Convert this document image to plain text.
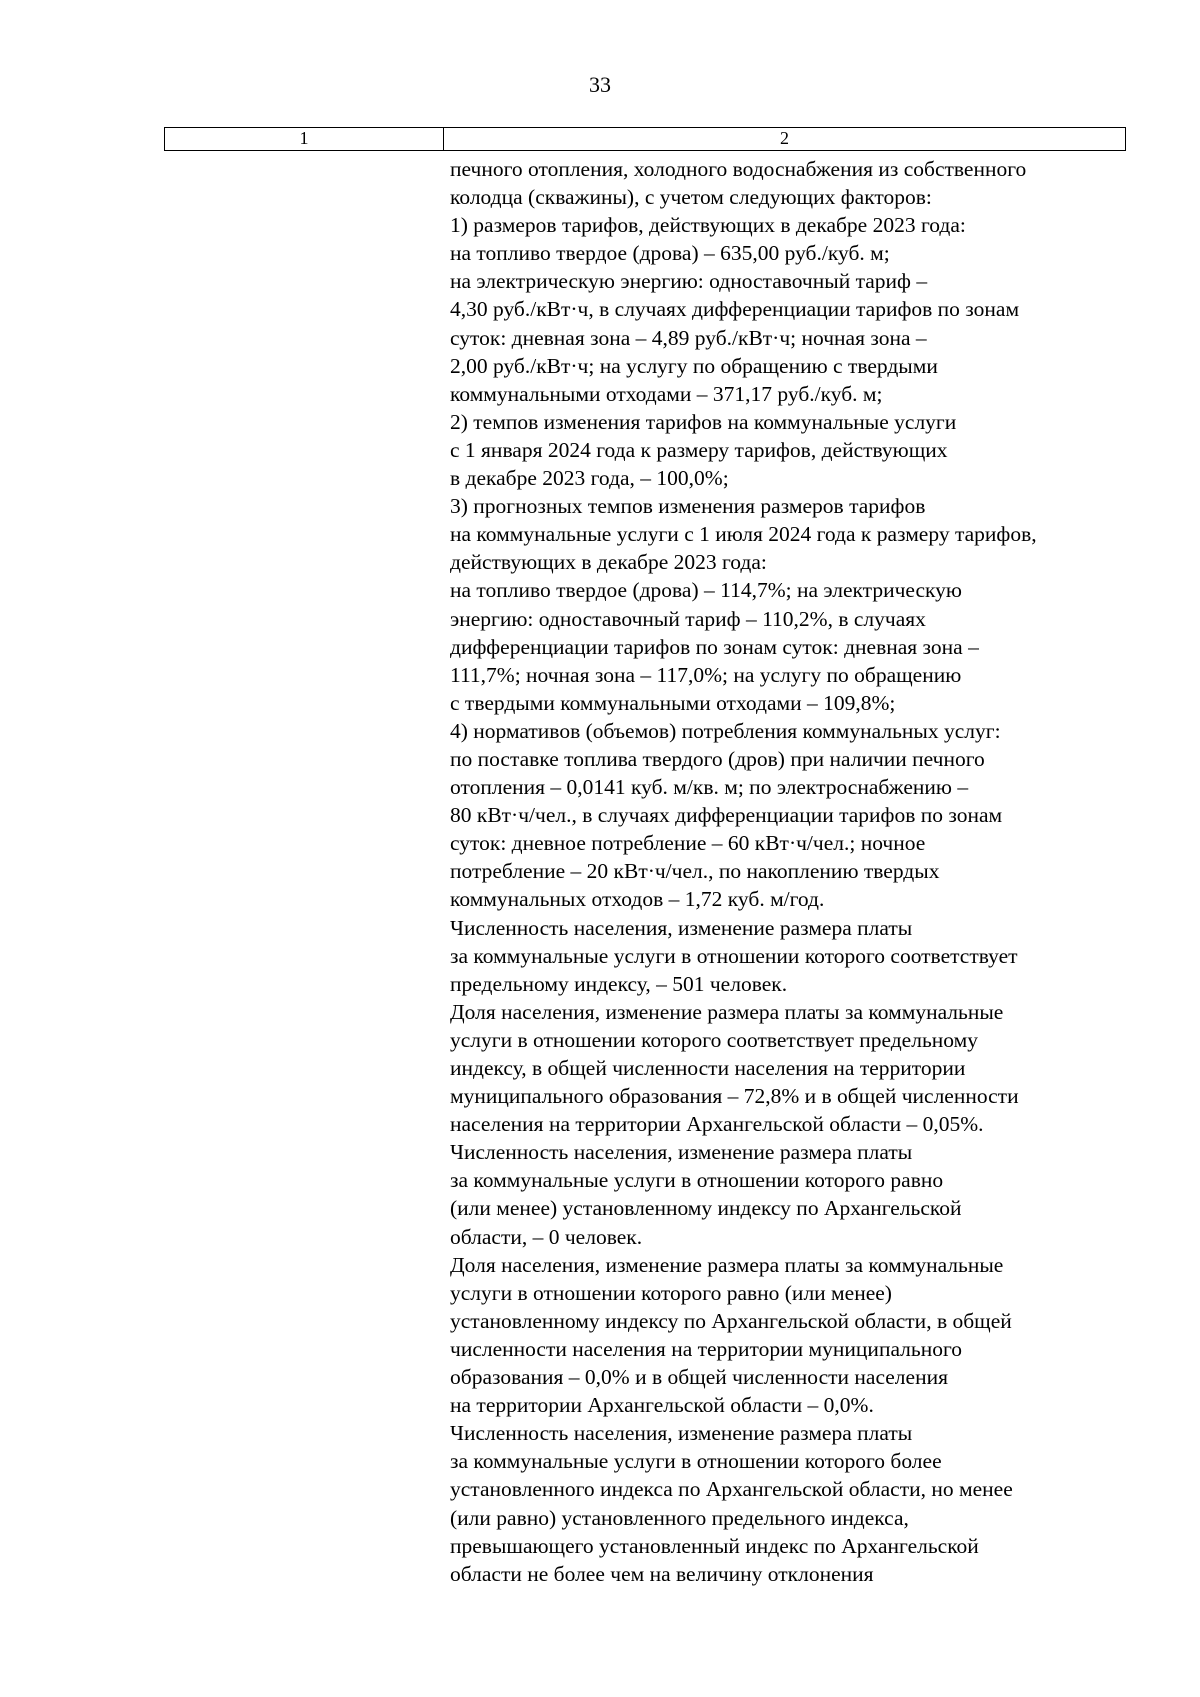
33
1	2
печного отопления, холодного водоснабжения из собственного
колодца (скважины), с учетом следующих факторов:
1) размеров тарифов, действующих в декабре 2023 года:
на топливо твердое (дрова) – 635,00 руб./куб. м;
на электрическую энергию: одноставочный тариф –
4,30 руб./кВт·ч, в случаях дифференциации тарифов по зонам
суток: дневная зона – 4,89 руб./кВт·ч; ночная зона –
2,00 руб./кВт·ч; на услугу по обращению с твердыми
коммунальными отходами – 371,17 руб./куб. м;
2) темпов изменения тарифов на коммунальные услуги
с 1 января 2024 года к размеру тарифов, действующих
в декабре 2023 года, – 100,0%;
3) прогнозных темпов изменения размеров тарифов
на коммунальные услуги с 1 июля 2024 года к размеру тарифов,
действующих в декабре 2023 года:
на топливо твердое (дрова) – 114,7%; на электрическую
энергию: одноставочный тариф – 110,2%, в случаях
дифференциации тарифов по зонам суток: дневная зона –
111,7%; ночная зона – 117,0%; на услугу по обращению
с твердыми коммунальными отходами – 109,8%;
4) нормативов (объемов) потребления коммунальных услуг:
по поставке топлива твердого (дров) при наличии печного
отопления – 0,0141 куб. м/кв. м; по электроснабжению –
80 кВт·ч/чел., в случаях дифференциации тарифов по зонам
суток: дневное потребление – 60 кВт·ч/чел.; ночное
потребление – 20 кВт·ч/чел., по накоплению твердых
коммунальных отходов – 1,72 куб. м/год.
Численность населения, изменение размера платы
за коммунальные услуги в отношении которого соответствует
предельному индексу, – 501 человек.
Доля населения, изменение размера платы за коммунальные
услуги в отношении которого соответствует предельному
индексу, в общей численности населения на территории
муниципального образования – 72,8% и в общей численности
населения на территории Архангельской области – 0,05%.
Численность населения, изменение размера платы
за коммунальные услуги в отношении которого равно
(или менее) установленному индексу по Архангельской
области, – 0 человек.
Доля населения, изменение размера платы за коммунальные
услуги в отношении которого равно (или менее)
установленному индексу по Архангельской области, в общей
численности населения на территории муниципального
образования – 0,0% и в общей численности населения
на территории Архангельской области – 0,0%.
Численность населения, изменение размера платы
за коммунальные услуги в отношении которого более
установленного индекса по Архангельской области, но менее
(или равно) установленного предельного индекса,
превышающего установленный индекс по Архангельской
области не более чем на величину отклонения
